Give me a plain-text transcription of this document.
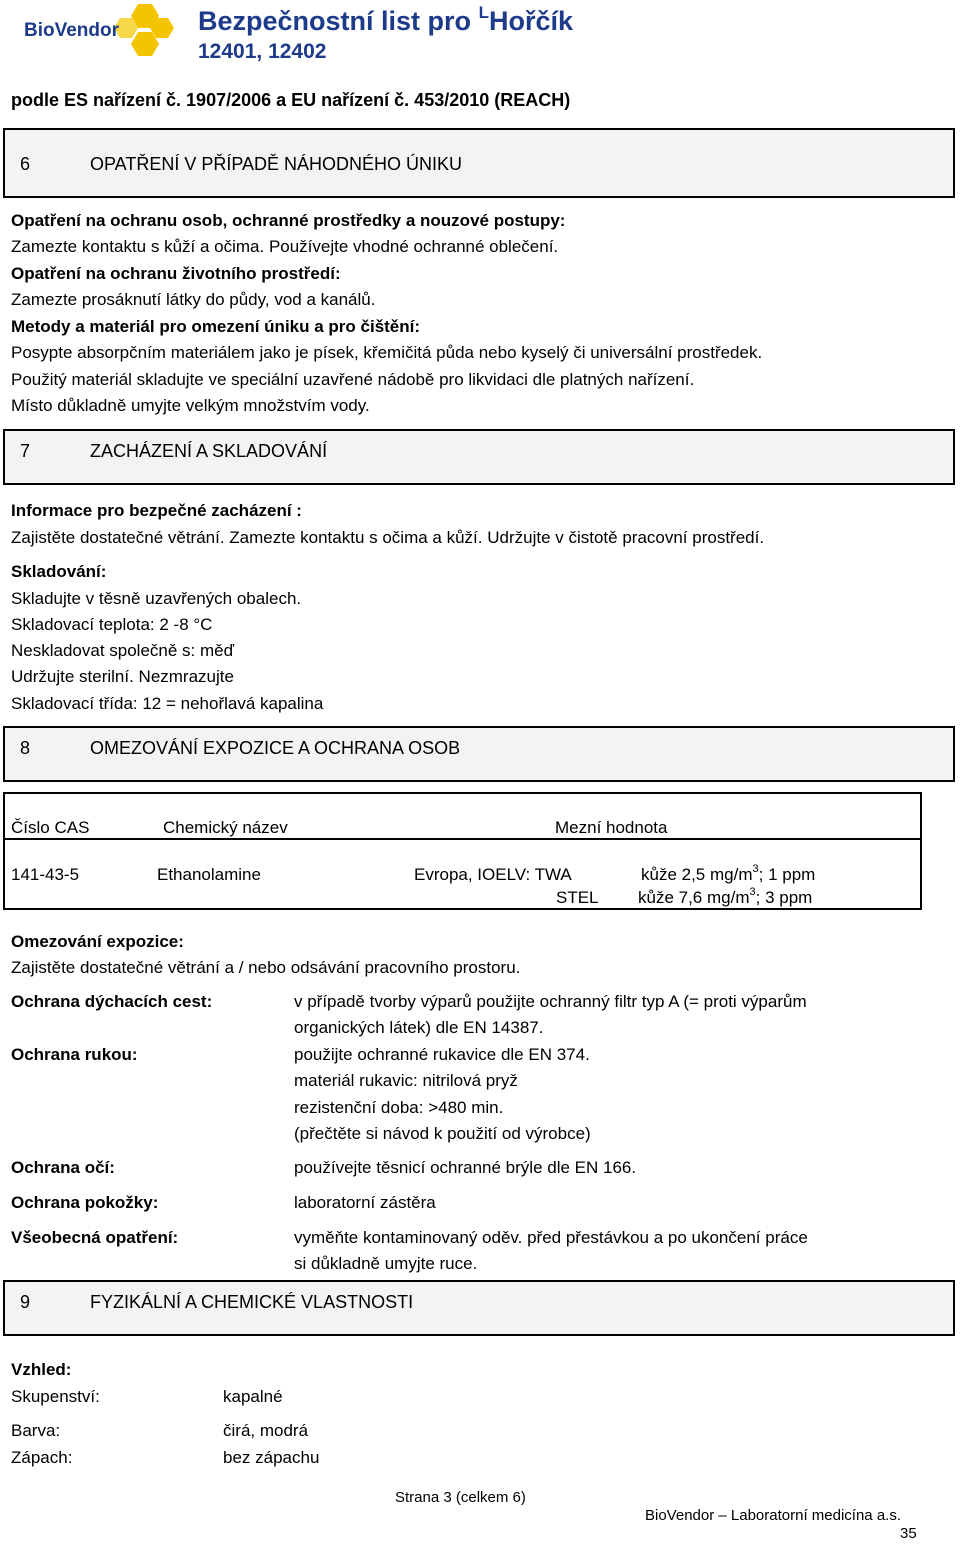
BioVendor	Bezpečnostní list pro $^L$Hořčík
12401, 12402
podle ES nařízení č. 1907/2006 a EU nařízení č. 453/2010 (REACH)
6	OPATŘENÍ V PŘÍPADĚ NÁHODNÉHO ÚNIKU
Opatření na ochranu osob, ochranné prostředky a nouzové postupy:
Zamezte kontaktu s kůží a očima. Používejte vhodné ochranné oblečení.
Opatření na ochranu životního prostředí:
Zamezte prosáknutí látky do půdy, vod a kanálů.
Metody a materiál pro omezení úniku a pro čištění:
Posypte absorpčním materiálem jako je písek, křemičitá půda nebo kyselý či universální prostředek.
Použitý materiál skladujte ve speciální uzavřené nádobě pro likvidaci dle platných nařízení.
Místo důkladně umyjte velkým množstvím vody.
7	ZACHÁZENÍ A SKLADOVÁNÍ
Informace pro bezpečné zacházení :
Zajistěte dostatečné větrání. Zamezte kontaktu s očima a kůží. Udržujte v čistotě pracovní prostředí.
Skladování:
Skladujte v těsně uzavřených obalech.
Skladovací teplota: 2 -8 °C
Neskladovat společně s: měď
Udržujte sterilní. Nezmrazujte
Skladovací třída: 12 = nehořlavá kapalina
8	OMEZOVÁNÍ EXPOZICE A OCHRANA OSOB
Číslo CAS	Chemický název	Mezní hodnota
141-43-5	Ethanolamine	Evropa, IOELV: TWA	kůže 2,5 $mg/m^3$; 1 ppm
STEL kůže 7,6 $mg/m^3$; 3 ppm
Omezování expozice:
Zajistěte dostatečné větrání a / nebo odsávání pracovního prostoru.
Ochrana dýchacích cest:	v případě tvorby výparů použijte ochranný filtr typ A (= proti výparům
organických látek) dle EN 14387.
Ochrana rukou:	použijte ochranné rukavice dle EN 374.
materiál rukavic: nitrilová pryž
rezistenční doba: >480 min.
(přečtěte si návod k použití od výrobce)
Ochrana očí:	používejte těsnicí ochranné brýle dle EN 166.
Ochrana pokožky:	laboratorní zástěra
Všeobecná opatření:	vyměňte kontaminovaný oděv. před přestávkou a po ukončení práce
si důkladně umyjte ruce.
9	FYZIKÁLNÍ A CHEMICKÉ VLASTNOSTI
Vzhled:
Skupenství:	kapalné
Barva:	čirá, modrá
Zápach:	bez zápachu
Strana 3 (celkem 6)
BioVendor – Laboratorní medicína a.s.
35
